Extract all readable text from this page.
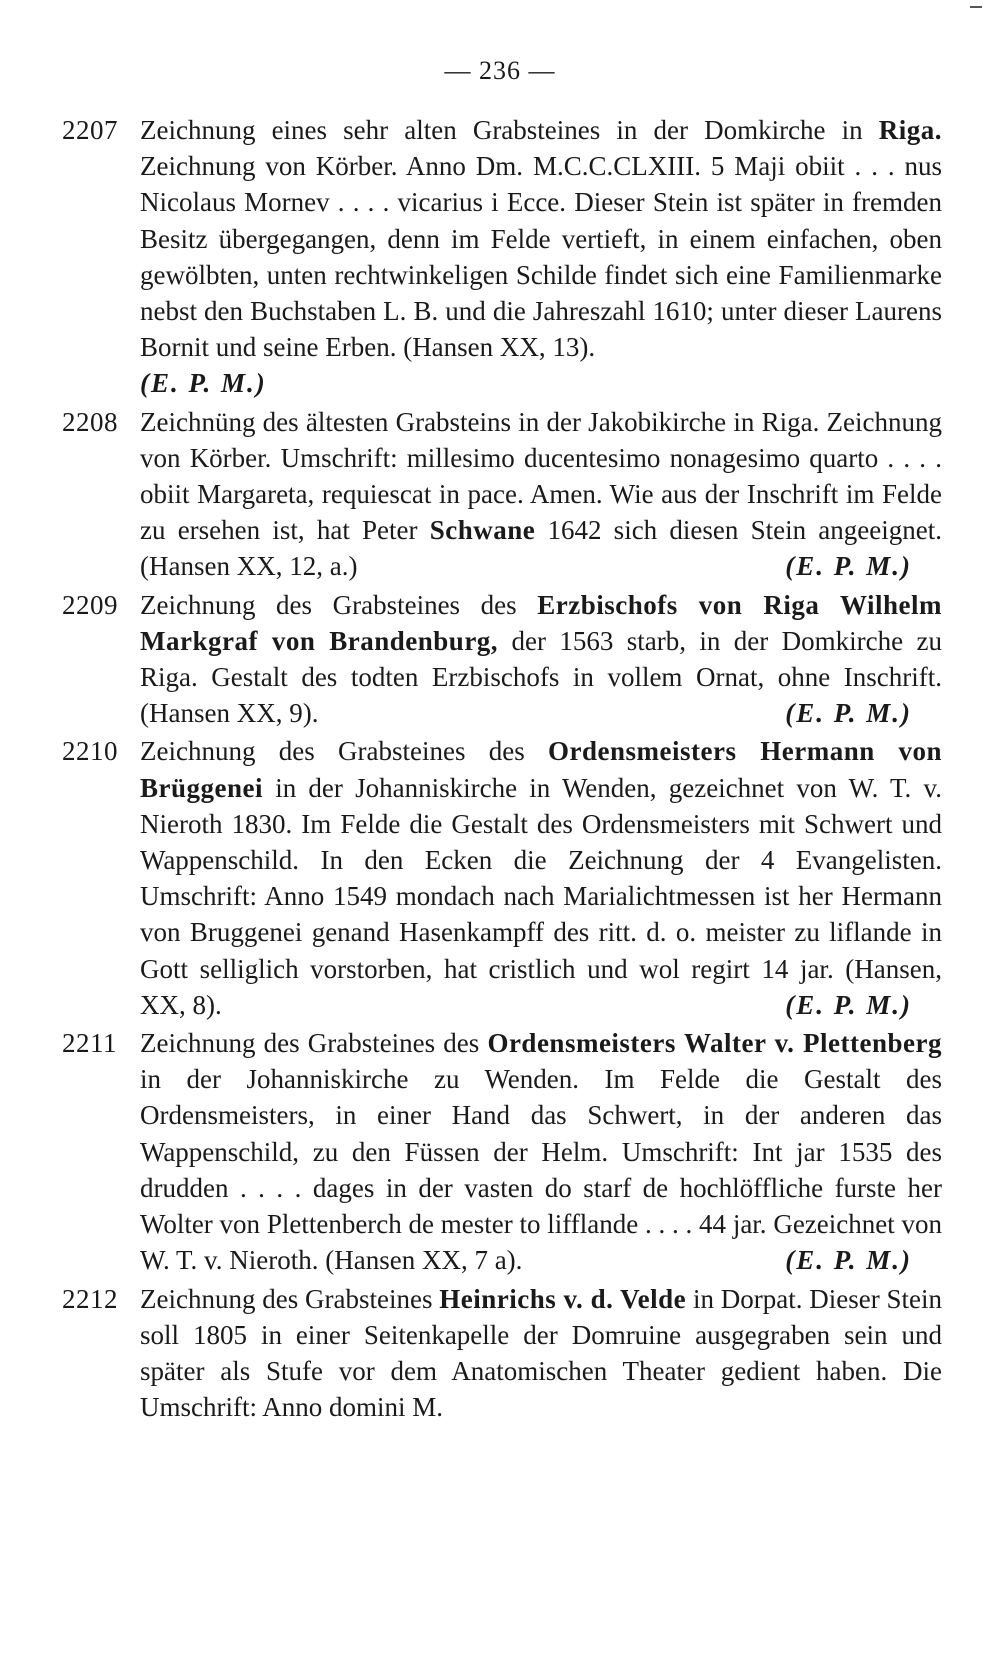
— 236 —
2207 Zeichnung eines sehr alten Grabsteines in der Domkirche in Riga. Zeichnung von Körber. Anno Dm. M.C.C.CLXIII. 5 Maji obiit . . . nus Nicolaus Mornev . . . . vicarius i Ecce. Dieser Stein ist später in fremden Besitz übergegangen, denn im Felde vertieft, in einem einfachen, oben gewölbten, unten rechtwinkeligen Schilde findet sich eine Familienmarke nebst den Buchstaben L. B. und die Jahreszahl 1610; unter dieser Laurens Bornit und seine Erben. (Hansen XX, 13).
(E. P. M.)
2208 Zeichnüng des ältesten Grabsteins in der Jakobikirche in Riga. Zeichnung von Körber. Umschrift: millesimo ducentesimo nonagesimo quarto . . . . obiit Margareta, requiescat in pace. Amen. Wie aus der Inschrift im Felde zu ersehen ist, hat Peter Schwane 1642 sich diesen Stein angeeignet. (Hansen XX, 12, a.)	(E. P. M.)
2209 Zeichnung des Grabsteines des Erzbischofs von Riga Wilhelm Markgraf von Brandenburg, der 1563 starb, in der Domkirche zu Riga. Gestalt des todten Erzbischofs in vollem Ornat, ohne Inschrift. (Hansen XX, 9).	(E. P. M.)
2210 Zeichnung des Grabsteines des Ordensmeisters Hermann von Brüggenei in der Johanniskirche in Wenden, gezeichnet von W. T. v. Nieroth 1830. Im Felde die Gestalt des Ordensmeisters mit Schwert und Wappenschild. In den Ecken die Zeichnung der 4 Evangelisten. Umschrift: Anno 1549 mondach nach Marialichtmessen ist her Hermann von Bruggenei genand Hasenkampff des ritt. d. o. meister zu liflande in Gott selliglich vorstorben, hat cristlich und wol regirt 14 jar. (Hansen, XX, 8).	(E. P. M.)
2211 Zeichnung des Grabsteines des Ordensmeisters Walter v. Plettenberg in der Johanniskirche zu Wenden. Im Felde die Gestalt des Ordensmeisters, in einer Hand das Schwert, in der anderen das Wappenschild, zu den Füssen der Helm. Umschrift: Int jar 1535 des drudden . . . . dages in der vasten do starf de hochlöffliche furste her Wolter von Plettenberch de mester to lifflande . . . . 44 jar. Gezeichnet von W. T. v. Nieroth. (Hansen XX, 7 a).	(E. P. M.)
2212 Zeichnung des Grabsteines Heinrichs v. d. Velde in Dorpat. Dieser Stein soll 1805 in einer Seitenkapelle der Domruine ausgegraben sein und später als Stufe vor dem Anatomischen Theater gedient haben. Die Umschrift: Anno domini M.
